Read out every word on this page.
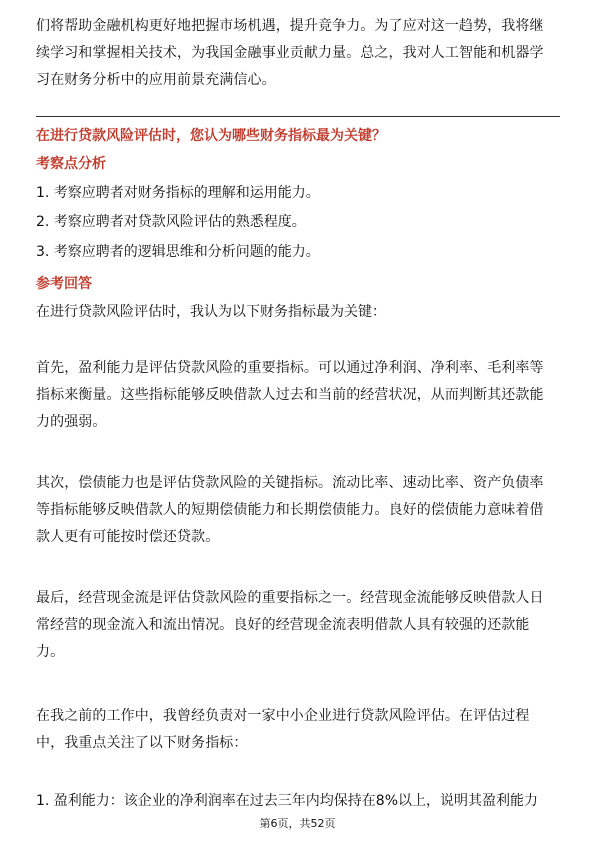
们将帮助金融机构更好地把握市场机遇，提升竞争力。为了应对这一趋势，我将继
续学习和掌握相关技术，为我国金融事业贡献力量。总之，我对人工智能和机器学
习在财务分析中的应用前景充满信心。

在进行贷款风险评估时，您认为哪些财务指标最为关键？

考察点分析

1. 考察应聘者对财务指标的理解和运用能力。

2. 考察应聘者对贷款风险评估的熟悉程度。

3. 考察应聘者的逻辑思维和分析问题的能力。

参考回答

在进行贷款风险评估时，我认为以下财务指标最为关键：

首先，盈利能力是评估贷款风险的重要指标。可以通过净利润、净利率、毛利率等
指标来衡量。这些指标能够反映借款人过去和当前的经营状况，从而判断其还款能
力的强弱。
其次，偿债能力也是评估贷款风险的关键指标。流动比率、速动比率、资产负债率
等指标能够反映借款人的短期偿债能力和长期偿债能力。良好的偿债能力意味着借
款人更有可能按时偿还贷款。
最后，经营现金流是评估贷款风险的重要指标之一。经营现金流能够反映借款人日
常经营的现金流入和流出情况。良好的经营现金流表明借款人具有较强的还款能
力。
在我之前的工作中，我曾经负责对一家中小企业进行贷款风险评估。在评估过程
中，我重点关注了以下财务指标：

1. 盈利能力：该企业的净利润率在过去三年内均保持在8%以上，说明其盈利能力

第6页，共52页
